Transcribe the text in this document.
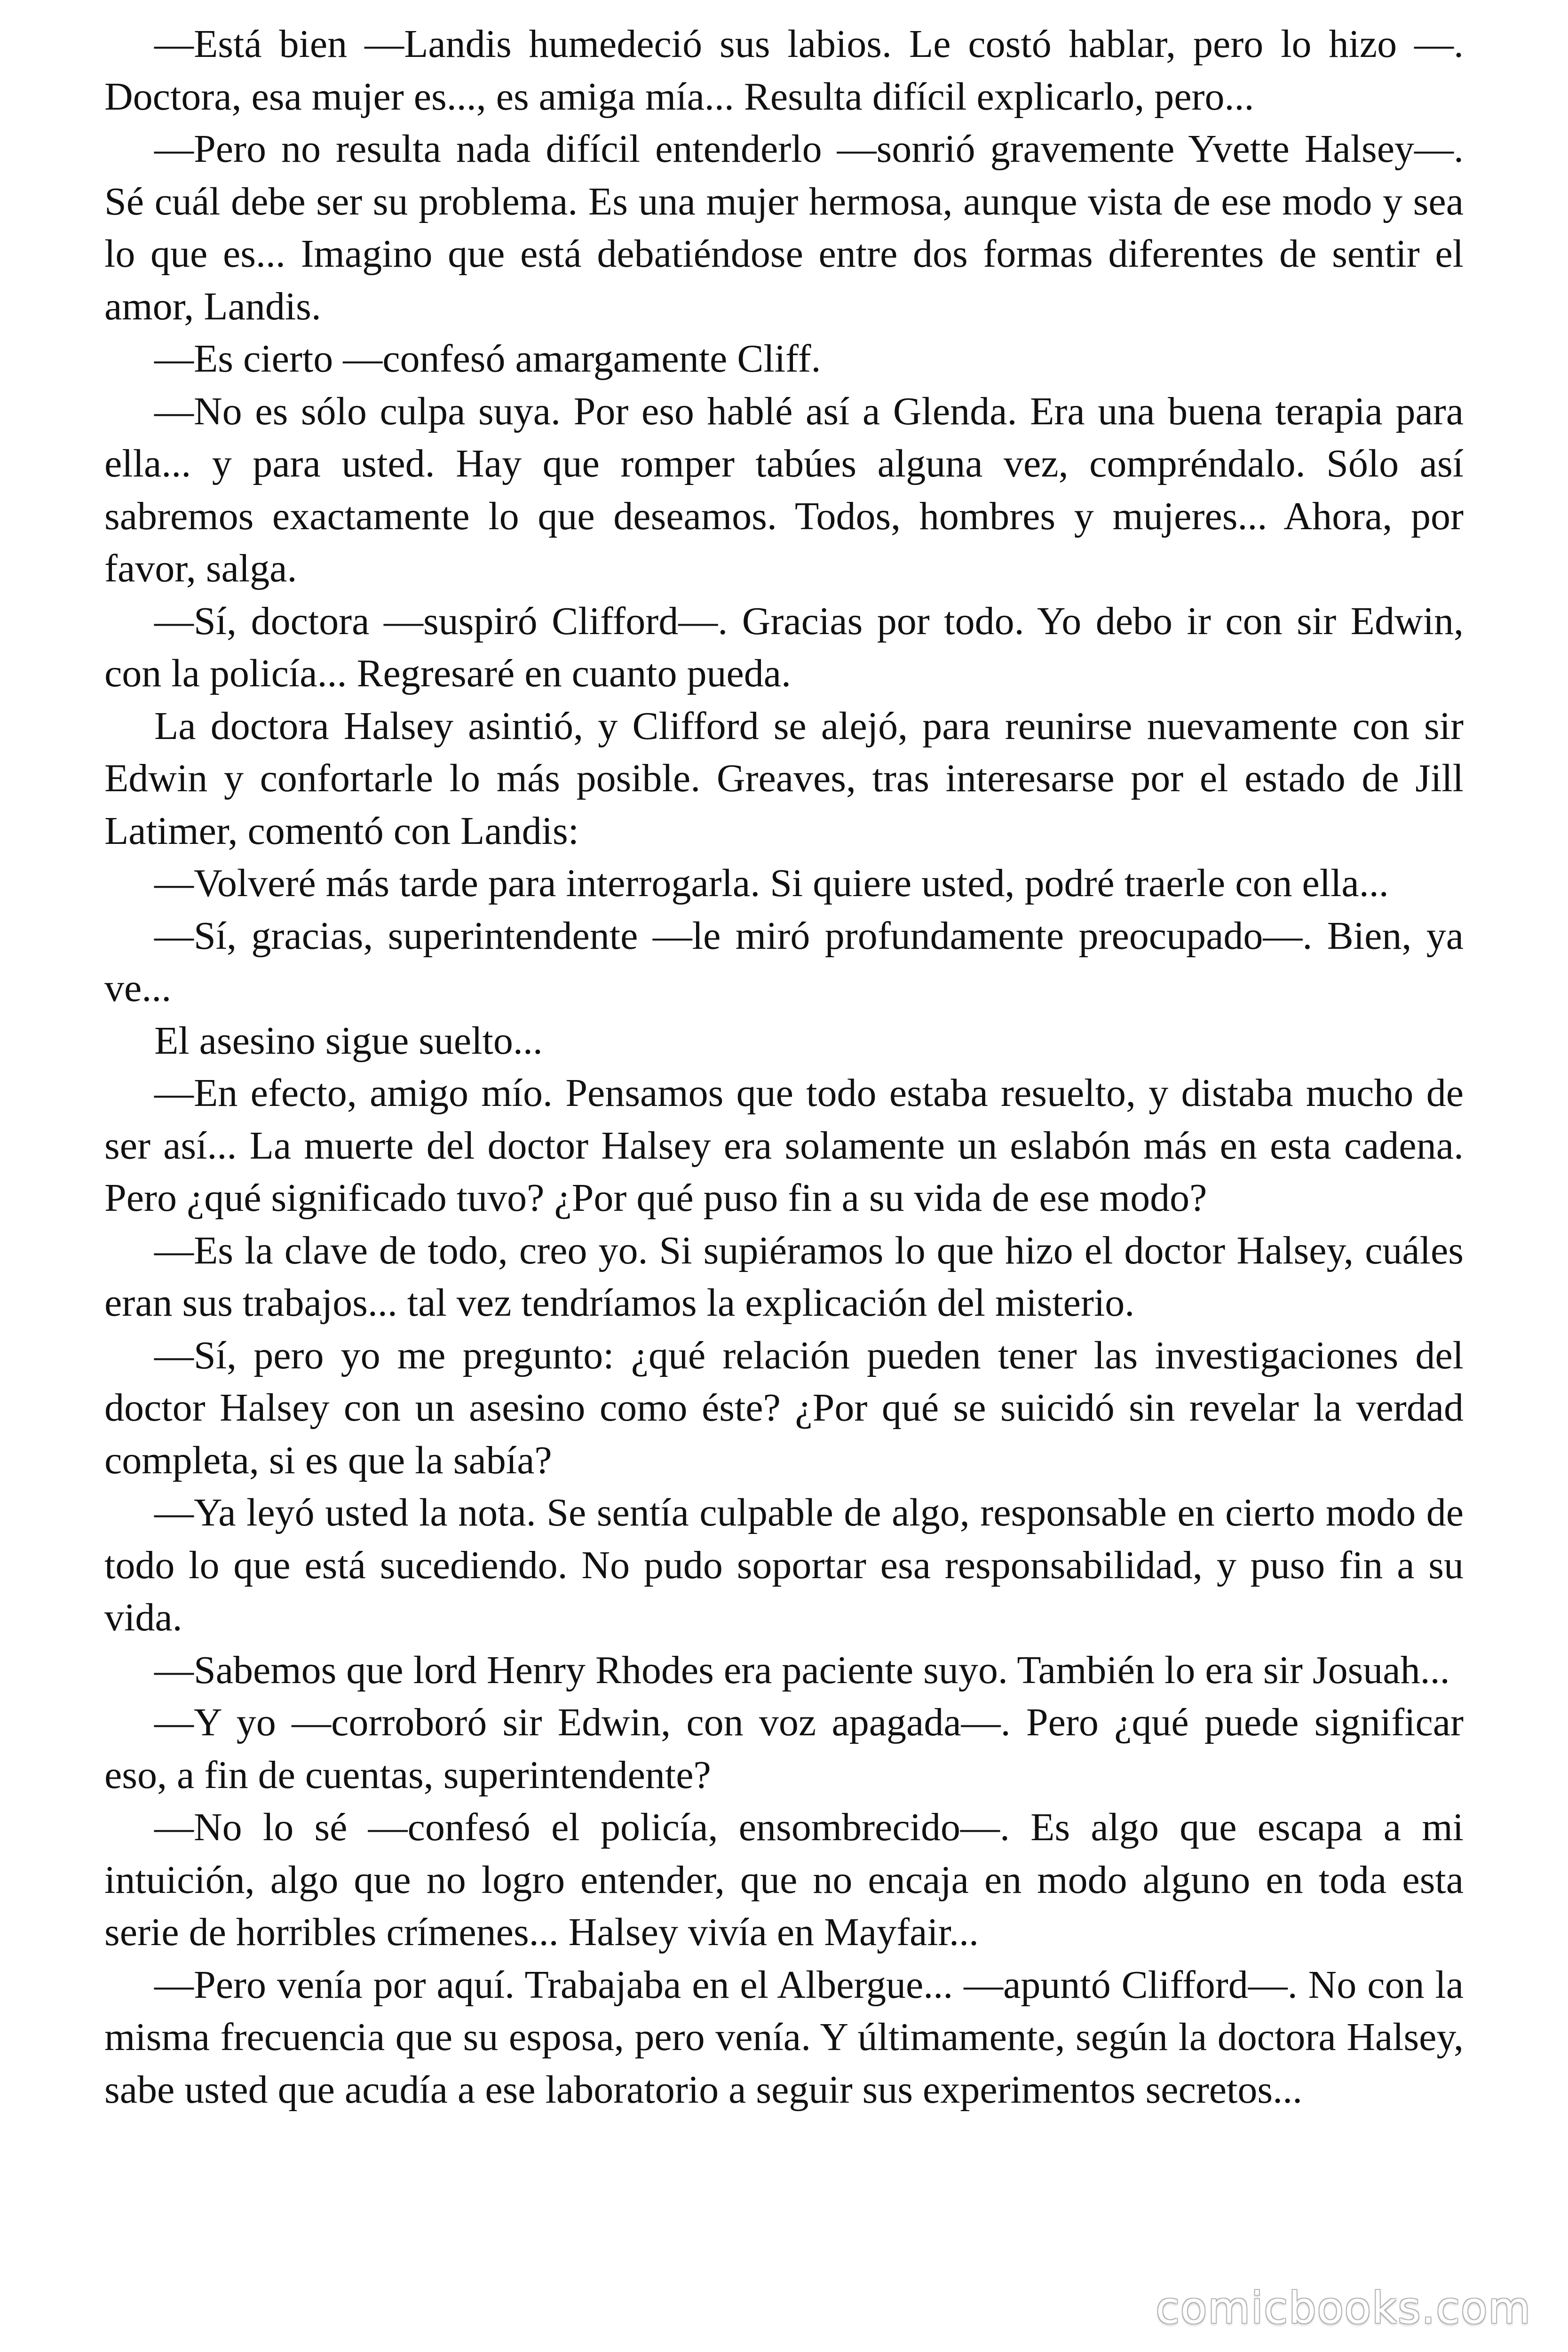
—Está bien —Landis humedeció sus labios. Le costó hablar, pero lo hizo —. Doctora, esa mujer es..., es amiga mía... Resulta difícil explicarlo, pero...

—Pero no resulta nada difícil entenderlo —sonrió gravemente Yvette Halsey—. Sé cuál debe ser su problema. Es una mujer hermosa, aunque vista de ese modo y sea lo que es... Imagino que está debatiéndose entre dos formas diferentes de sentir el amor, Landis.

—Es cierto —confesó amargamente Cliff.

—No es sólo culpa suya. Por eso hablé así a Glenda. Era una buena terapia para ella... y para usted. Hay que romper tabúes alguna vez, compréndalo. Sólo así sabremos exactamente lo que deseamos. Todos, hombres y mujeres... Ahora, por favor, salga.

—Sí, doctora —suspiró Clifford—. Gracias por todo. Yo debo ir con sir Edwin, con la policía... Regresaré en cuanto pueda.

La doctora Halsey asintió, y Clifford se alejó, para reunirse nuevamente con sir Edwin y confortarle lo más posible. Greaves, tras interesarse por el estado de Jill Latimer, comentó con Landis:

—Volveré más tarde para interrogarla. Si quiere usted, podré traerle con ella...

—Sí, gracias, superintendente —le miró profundamente preocupado—. Bien, ya ve...

El asesino sigue suelto...

—En efecto, amigo mío. Pensamos que todo estaba resuelto, y distaba mucho de ser así... La muerte del doctor Halsey era solamente un eslabón más en esta cadena. Pero ¿qué significado tuvo? ¿Por qué puso fin a su vida de ese modo?

—Es la clave de todo, creo yo. Si supiéramos lo que hizo el doctor Halsey, cuáles eran sus trabajos... tal vez tendríamos la explicación del misterio.

—Sí, pero yo me pregunto: ¿qué relación pueden tener las investigaciones del doctor Halsey con un asesino como éste? ¿Por qué se suicidó sin revelar la verdad completa, si es que la sabía?

—Ya leyó usted la nota. Se sentía culpable de algo, responsable en cierto modo de todo lo que está sucediendo. No pudo soportar esa responsabilidad, y puso fin a su vida.

—Sabemos que lord Henry Rhodes era paciente suyo. También lo era sir Josuah...

—Y yo —corroboró sir Edwin, con voz apagada—. Pero ¿qué puede significar eso, a fin de cuentas, superintendente?

—No lo sé —confesó el policía, ensombrecido—. Es algo que escapa a mi intuición, algo que no logro entender, que no encaja en modo alguno en toda esta serie de horribles crímenes... Halsey vivía en Mayfair...

—Pero venía por aquí. Trabajaba en el Albergue... —apuntó Clifford—. No con la misma frecuencia que su esposa, pero venía. Y últimamente, según la doctora Halsey, sabe usted que acudía a ese laboratorio a seguir sus experimentos secretos...

comicbooks.com
